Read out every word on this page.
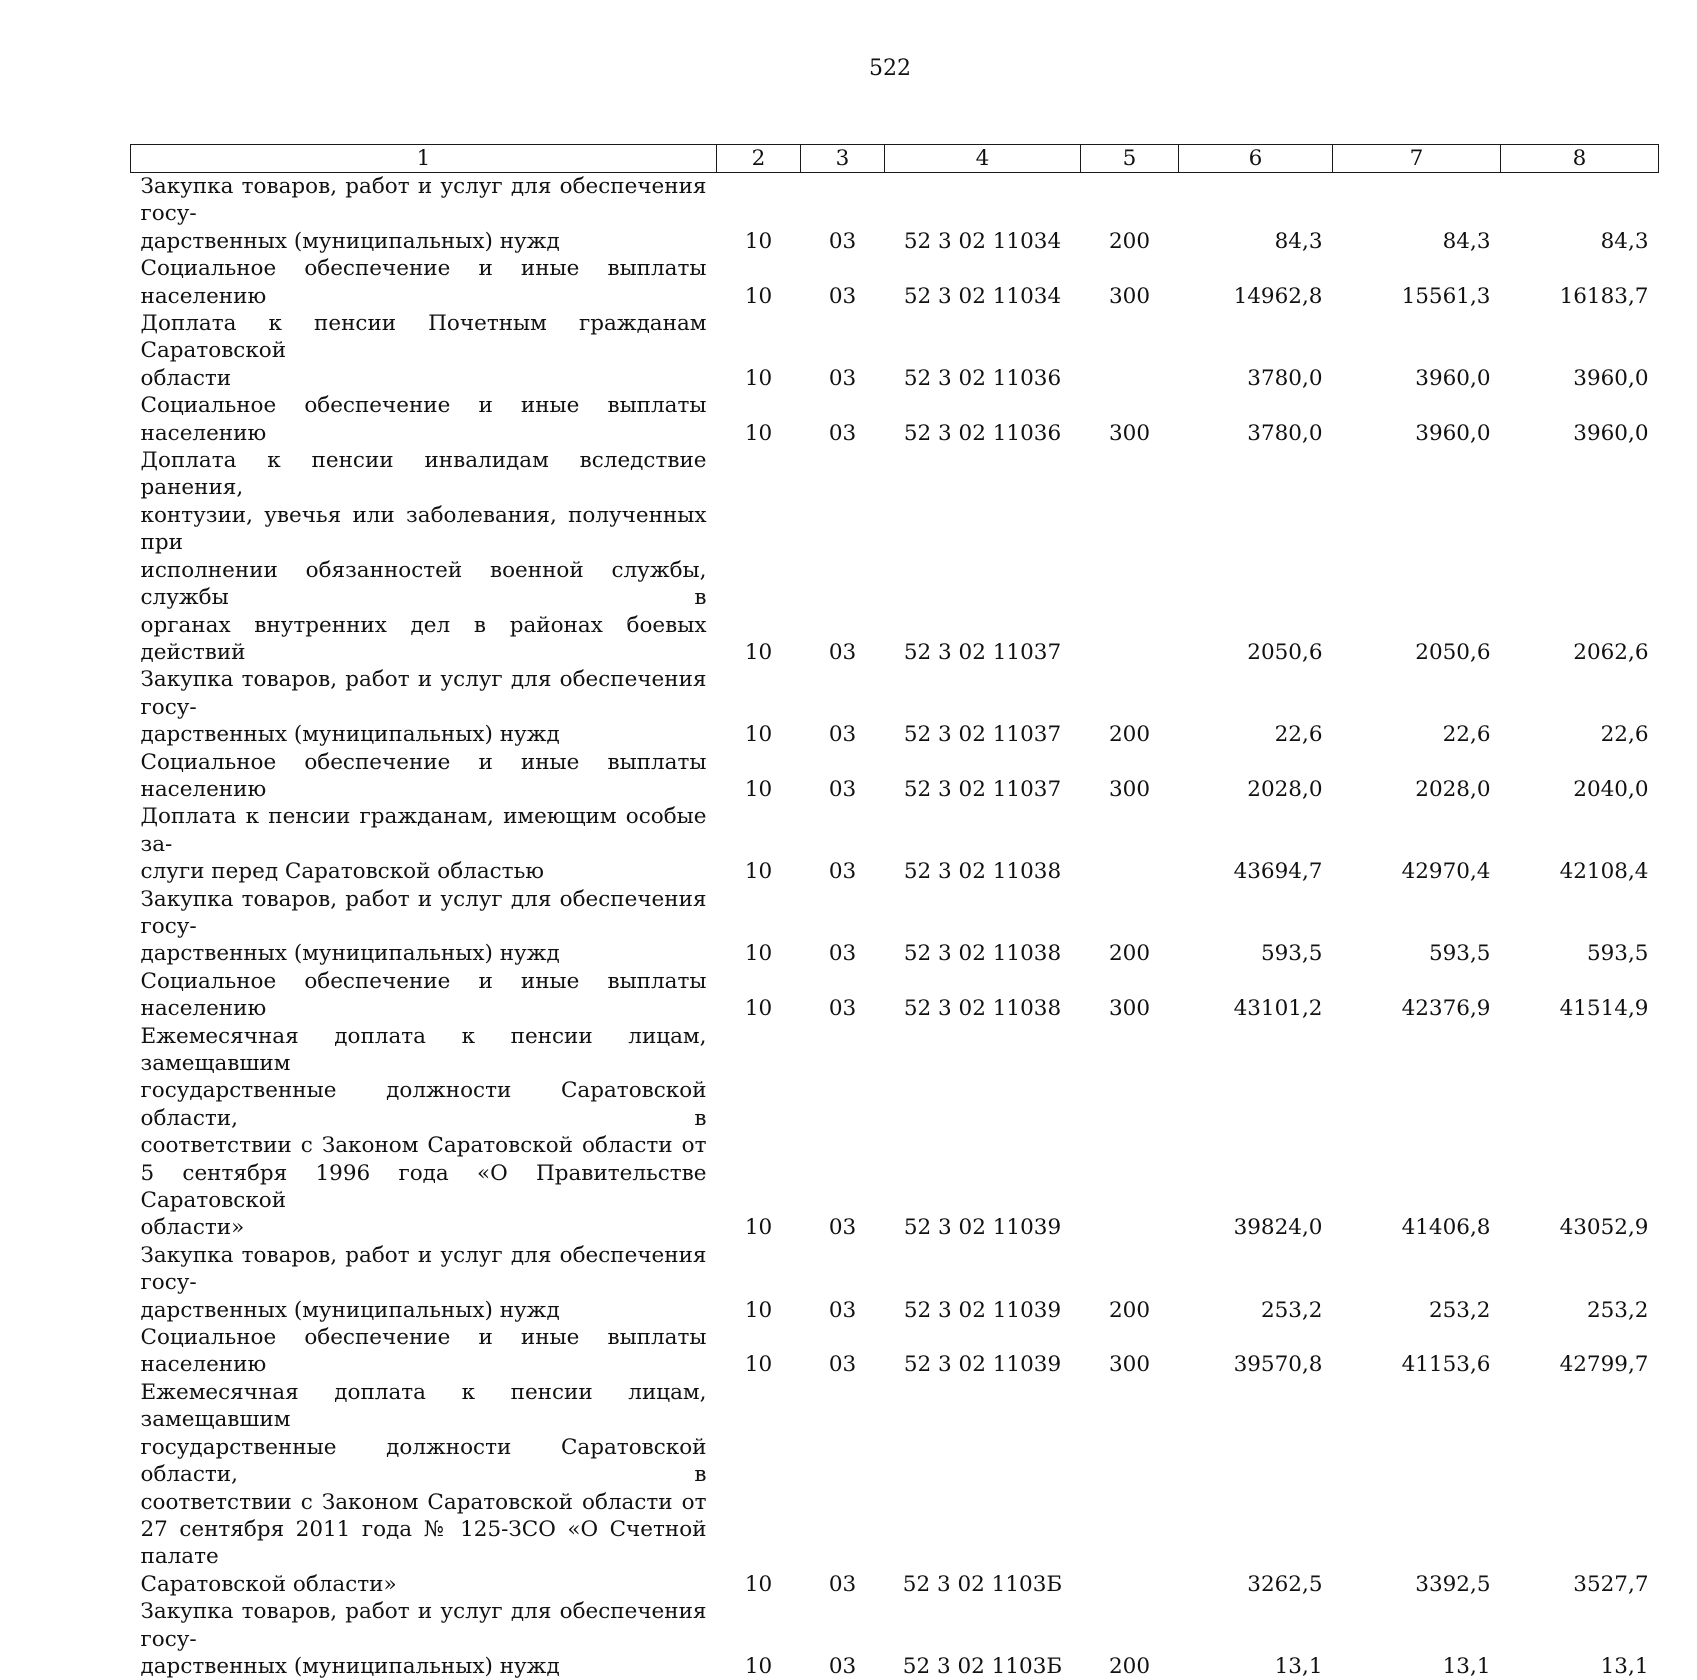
522
1	2	3	4	5	6	7	8

Закупка товаров, работ и услуг для обеспечения госу-
дарственных (муниципальных) нужд	10	03	52 3 02 11034	200	84,3	84,3	84,3

Социальное обеспечение и иные выплаты населению	10	03	52 3 02 11034	300	14962,8	15561,3	16183,7

Доплата к пенсии Почетным гражданам Саратовской
области	10	03	52 3 02 11036		3780,0	3960,0	3960,0

Социальное обеспечение и иные выплаты населению	10	03	52 3 02 11036	300	3780,0	3960,0	3960,0

Доплата к пенсии инвалидам вследствие ранения,
контузии, увечья или заболевания, полученных при
исполнении обязанностей военной службы, службы в
органах внутренних дел в районах боевых действий	10	03	52 3 02 11037		2050,6	2050,6	2062,6

Закупка товаров, работ и услуг для обеспечения госу-
дарственных (муниципальных) нужд	10	03	52 3 02 11037	200	22,6	22,6	22,6

Социальное обеспечение и иные выплаты населению	10	03	52 3 02 11037	300	2028,0	2028,0	2040,0

Доплата к пенсии гражданам, имеющим особые за-
слуги перед Саратовской областью	10	03	52 3 02 11038		43694,7	42970,4	42108,4

Закупка товаров, работ и услуг для обеспечения госу-
дарственных (муниципальных) нужд	10	03	52 3 02 11038	200	593,5	593,5	593,5

Социальное обеспечение и иные выплаты населению	10	03	52 3 02 11038	300	43101,2	42376,9	41514,9

Ежемесячная доплата к пенсии лицам, замещавшим
государственные должности Саратовской области, в
соответствии с Законом Саратовской области от
5 сентября 1996 года «О Правительстве Саратовской
области»	10	03	52 3 02 11039		39824,0	41406,8	43052,9

Закупка товаров, работ и услуг для обеспечения госу-
дарственных (муниципальных) нужд	10	03	52 3 02 11039	200	253,2	253,2	253,2

Социальное обеспечение и иные выплаты населению	10	03	52 3 02 11039	300	39570,8	41153,6	42799,7

Ежемесячная доплата к пенсии лицам, замещавшим
государственные должности Саратовской области, в
соответствии с Законом Саратовской области от
27 сентября 2011 года № 125-ЗСО «О Счетной палате
Саратовской области»	10	03	52 3 02 1103Б		3262,5	3392,5	3527,7

Закупка товаров, работ и услуг для обеспечения госу-
дарственных (муниципальных) нужд	10	03	52 3 02 1103Б	200	13,1	13,1	13,1
